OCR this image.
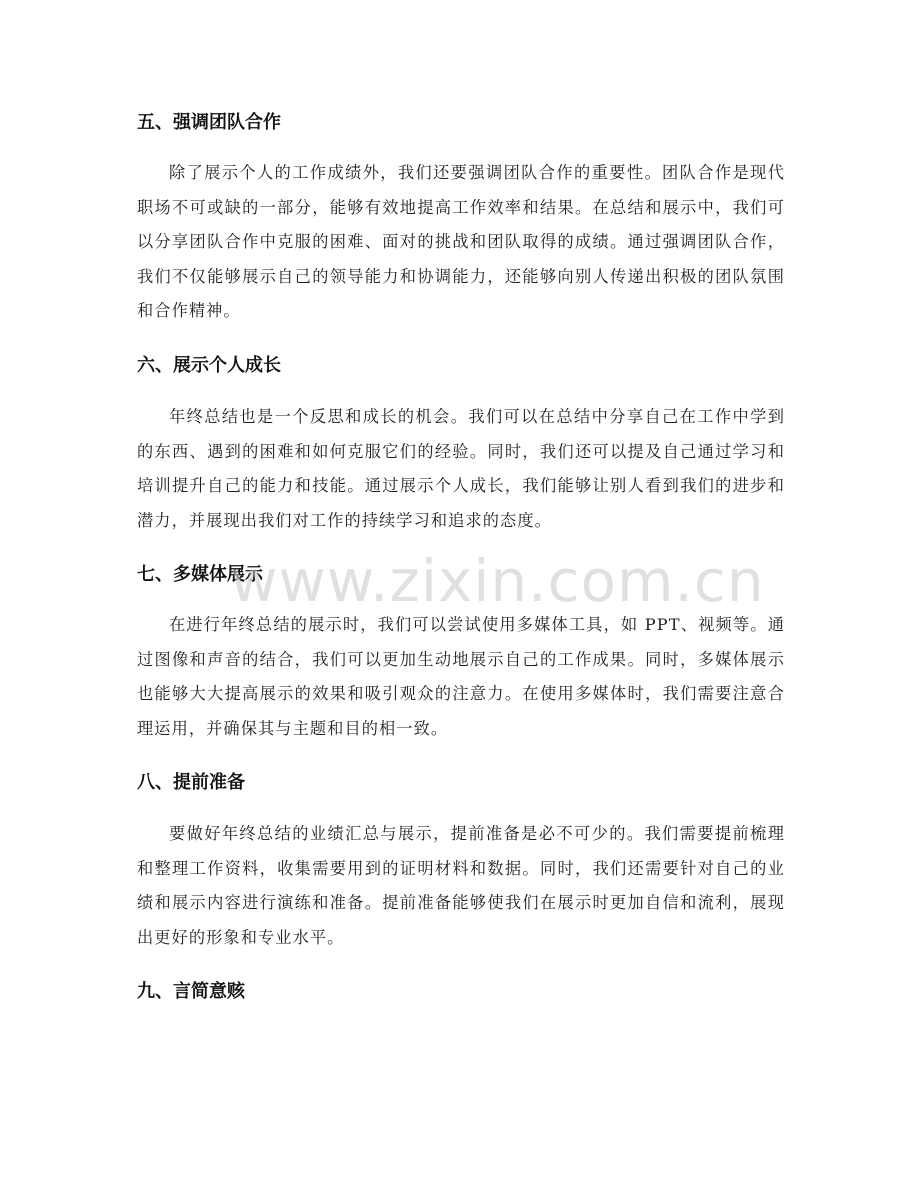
五、强调团队合作
除了展示个人的工作成绩外，我们还要强调团队合作的重要性。团队合作是现代职场不可或缺的一部分，能够有效地提高工作效率和结果。在总结和展示中，我们可以分享团队合作中克服的困难、面对的挑战和团队取得的成绩。通过强调团队合作，我们不仅能够展示自己的领导能力和协调能力，还能够向别人传递出积极的团队氛围和合作精神。
六、展示个人成长
年终总结也是一个反思和成长的机会。我们可以在总结中分享自己在工作中学到的东西、遇到的困难和如何克服它们的经验。同时，我们还可以提及自己通过学习和培训提升自己的能力和技能。通过展示个人成长，我们能够让别人看到我们的进步和潜力，并展现出我们对工作的持续学习和追求的态度。
七、多媒体展示
在进行年终总结的展示时，我们可以尝试使用多媒体工具，如 PPT、视频等。通过图像和声音的结合，我们可以更加生动地展示自己的工作成果。同时，多媒体展示也能够大大提高展示的效果和吸引观众的注意力。在使用多媒体时，我们需要注意合理运用，并确保其与主题和目的相一致。
八、提前准备
要做好年终总结的业绩汇总与展示，提前准备是必不可少的。我们需要提前梳理和整理工作资料，收集需要用到的证明材料和数据。同时，我们还需要针对自己的业绩和展示内容进行演练和准备。提前准备能够使我们在展示时更加自信和流利，展现出更好的形象和专业水平。
九、言简意赅
www.zixin.com.cn
